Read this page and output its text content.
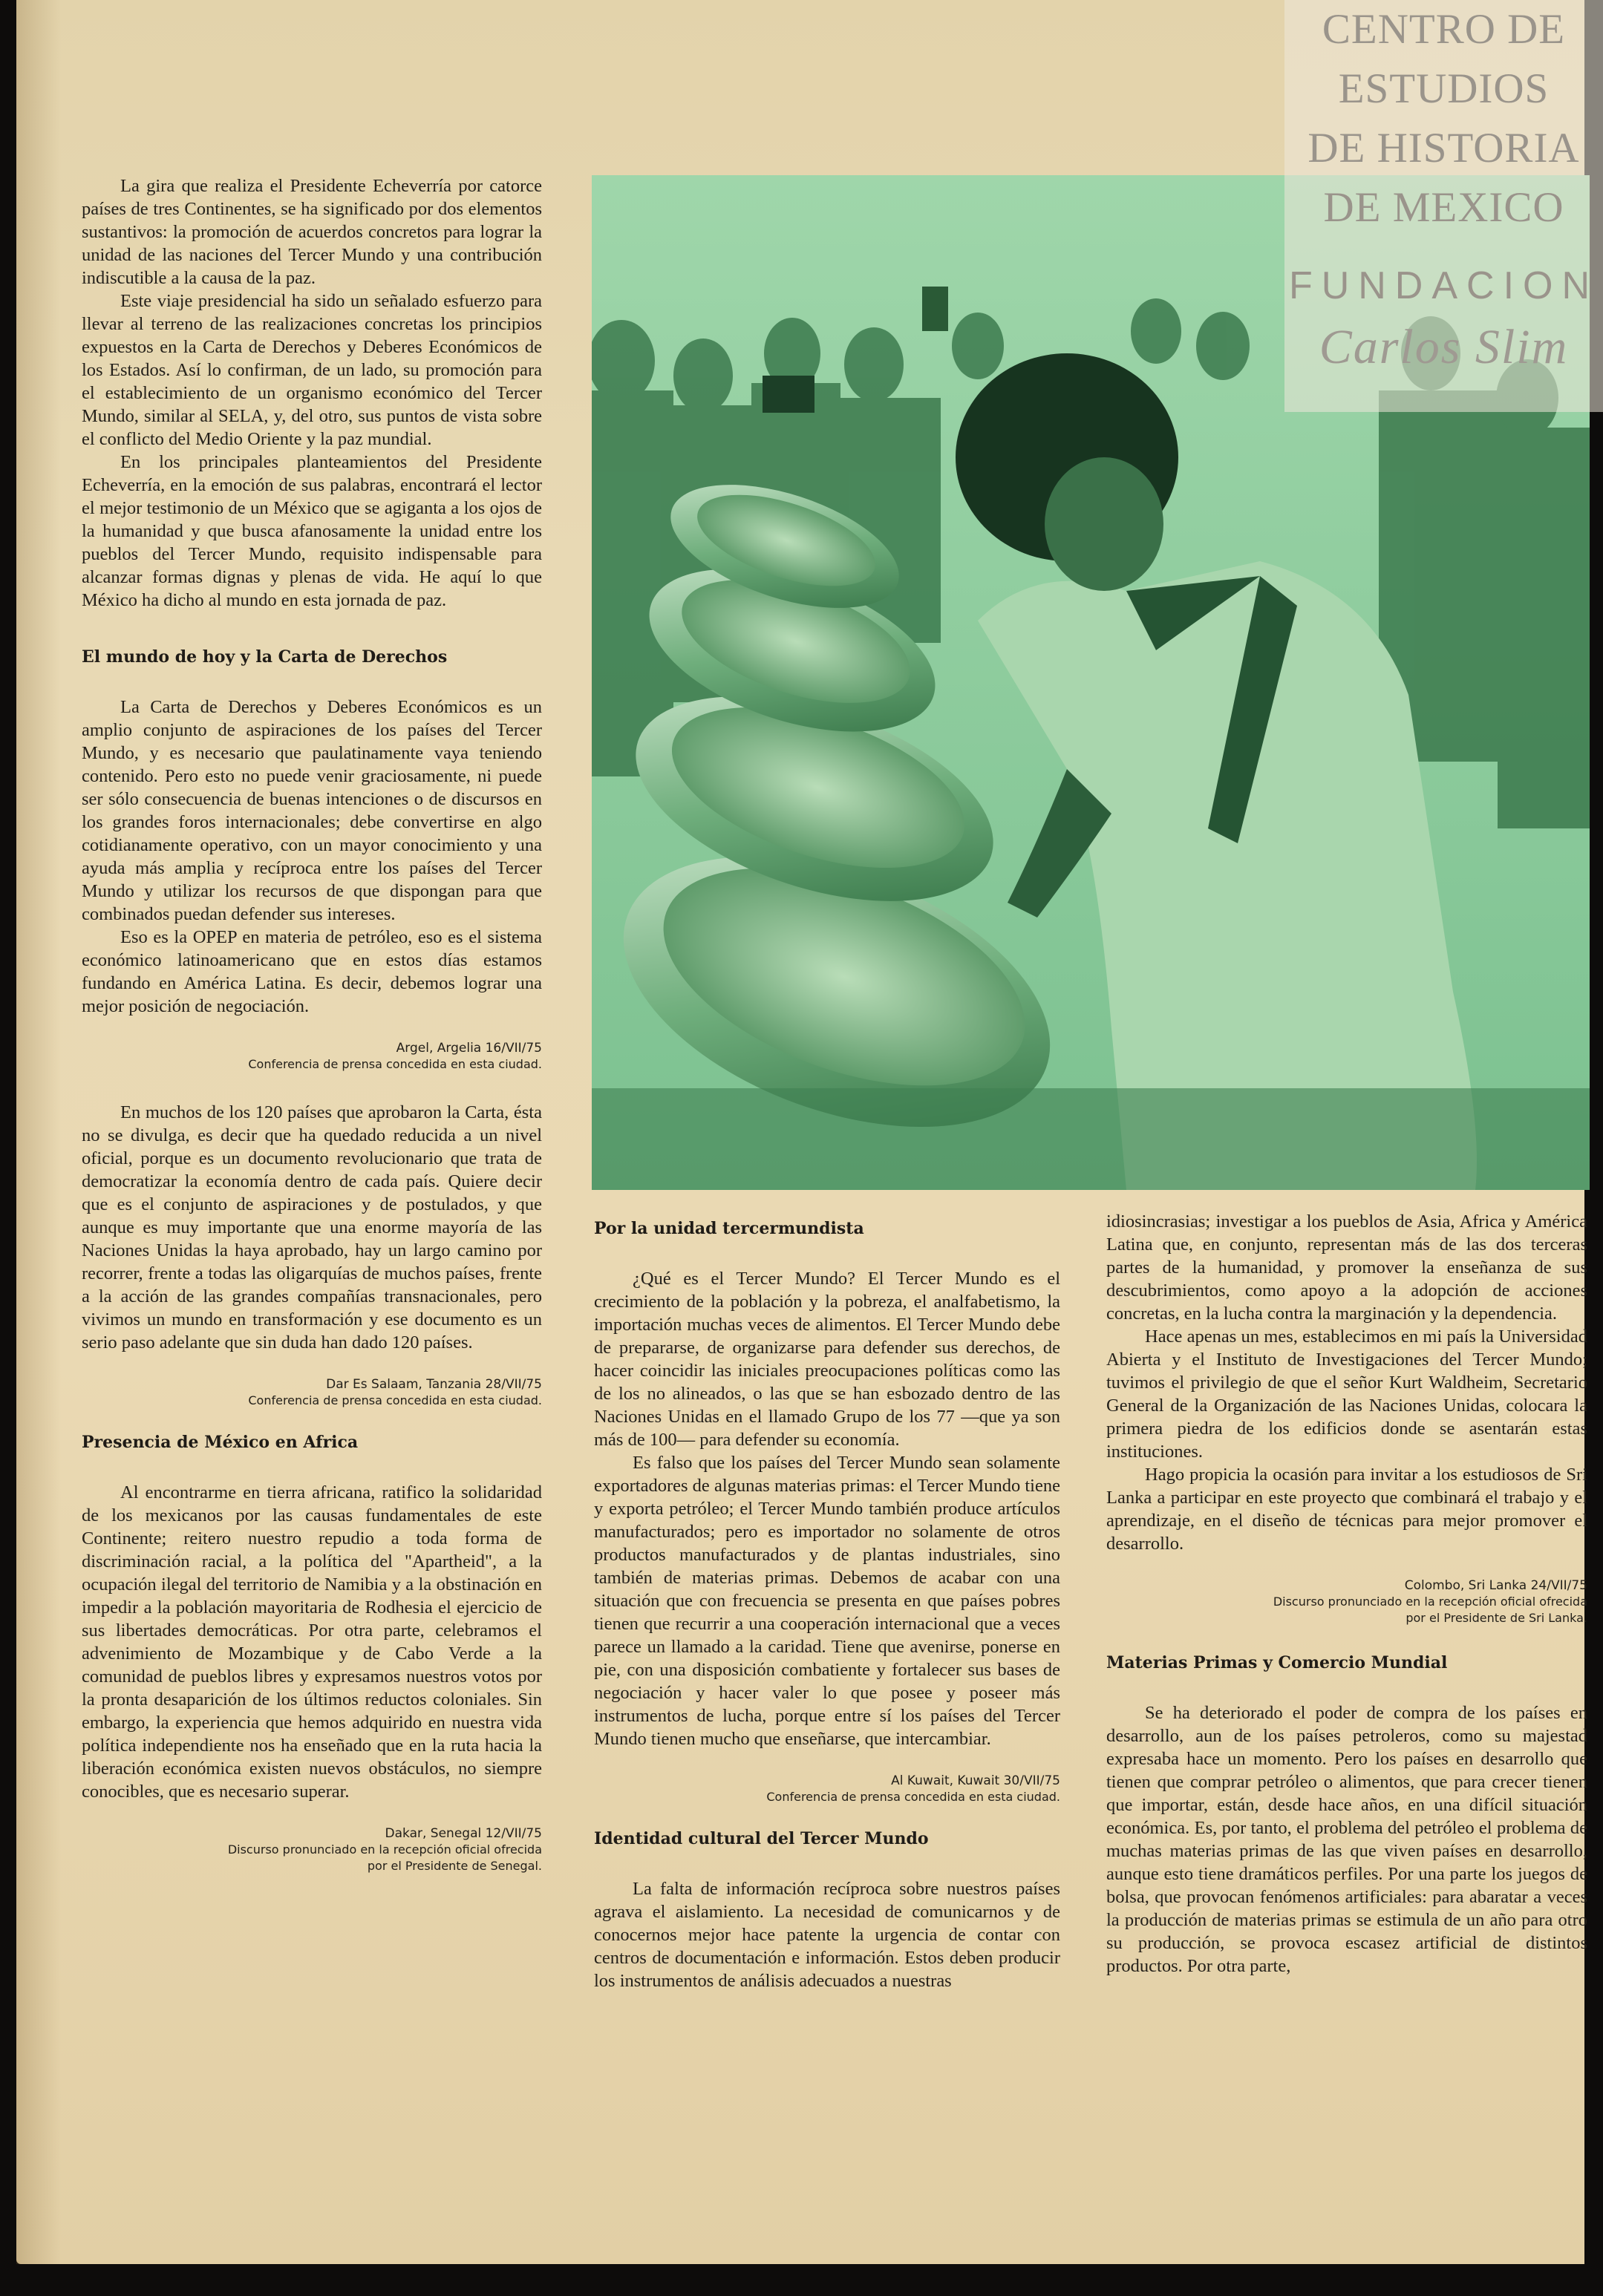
La gira que realiza el Presidente Echeverría por catorce países de tres Continentes, se ha significado por dos elementos sustantivos: la promoción de acuerdos concretos para lograr la unidad de las naciones del Tercer Mundo y una contribución indiscutible a la causa de la paz.

Este viaje presidencial ha sido un señalado esfuerzo para llevar al terreno de las realizaciones concretas los principios expuestos en la Carta de Derechos y Deberes Económicos de los Estados. Así lo confirman, de un lado, su promoción para el establecimiento de un organismo económico del Tercer Mundo, similar al SELA, y, del otro, sus puntos de vista sobre el conflicto del Medio Oriente y la paz mundial.

En los principales planteamientos del Presidente Echeverría, en la emoción de sus palabras, encontrará el lector el mejor testimonio de un México que se agiganta a los ojos de la humanidad y que busca afanosamente la unidad entre los pueblos del Tercer Mundo, requisito indispensable para alcanzar formas dignas y plenas de vida. He aquí lo que México ha dicho al mundo en esta jornada de paz.

El mundo de hoy y la Carta de Derechos

La Carta de Derechos y Deberes Económicos es un amplio conjunto de aspiraciones de los países del Tercer Mundo, y es necesario que paulatinamente vaya teniendo contenido. Pero esto no puede venir graciosamente, ni puede ser sólo consecuencia de buenas intenciones o de discursos en los grandes foros internacionales; debe convertirse en algo cotidianamente operativo, con un mayor conocimiento y una ayuda más amplia y recíproca entre los países del Tercer Mundo y utilizar los recursos de que dispongan para que combinados puedan defender sus intereses.

Eso es la OPEP en materia de petróleo, eso es el sistema económico latinoamericano que en estos días estamos fundando en América Latina. Es decir, debemos lograr una mejor posición de negociación.

Argel, Argelia 16/VII/75
Conferencia de prensa concedida en esta ciudad.

En muchos de los 120 países que aprobaron la Carta, ésta no se divulga, es decir que ha quedado reducida a un nivel oficial, porque es un documento revolucionario que trata de democratizar la economía dentro de cada país. Quiere decir que es el conjunto de aspiraciones y de postulados, y que aunque es muy importante que una enorme mayoría de las Naciones Unidas la haya aprobado, hay un largo camino por recorrer, frente a todas las oligarquías de muchos países, frente a la acción de las grandes compañías transnacionales, pero vivimos un mundo en transformación y ese documento es un serio paso adelante que sin duda han dado 120 países.

Dar Es Salaam, Tanzania 28/VII/75
Conferencia de prensa concedida en esta ciudad.
Presencia de México en Africa

Al encontrarme en tierra africana, ratifico la solidaridad de los mexicanos por las causas fundamentales de este Continente; reitero nuestro repudio a toda forma de discriminación racial, a la política del "Apartheid", a la ocupación ilegal del territorio de Namibia y a la obstinación en impedir a la población mayoritaria de Rodhesia el ejercicio de sus libertades democráticas. Por otra parte, celebramos el advenimiento de Mozambique y de Cabo Verde a la comunidad de pueblos libres y expresamos nuestros votos por la pronta desaparición de los últimos reductos coloniales. Sin embargo, la experiencia que hemos adquirido en nuestra vida política independiente nos ha enseñado que en la ruta hacia la liberación económica existen nuevos obstáculos, no siempre conocibles, que es necesario superar.

Dakar, Senegal 12/VII/75
Discurso pronunciado en la recepción oficial ofrecida
por el Presidente de Senegal.
Por la unidad tercermundista

¿Qué es el Tercer Mundo? El Tercer Mundo es el crecimiento de la población y la pobreza, el analfabetismo, la importación muchas veces de alimentos. El Tercer Mundo debe de prepararse, de organizarse para defender sus derechos, de hacer coincidir las iniciales preocupaciones políticas como las de los no alineados, o las que se han esbozado dentro de las Naciones Unidas en el llamado Grupo de los 77 —que ya son más de 100— para defender su economía.

Es falso que los países del Tercer Mundo sean solamente exportadores de algunas materias primas: el Tercer Mundo tiene y exporta petróleo; el Tercer Mundo también produce artículos manufacturados; pero es importador no solamente de otros productos manufacturados y de plantas industriales, sino también de materias primas. Debemos de acabar con una situación que con frecuencia se presenta en que países pobres tienen que recurrir a una cooperación internacional que a veces parece un llamado a la caridad. Tiene que avenirse, ponerse en pie, con una disposición combatiente y fortalecer sus bases de negociación y hacer valer lo que posee y poseer más instrumentos de lucha, porque entre sí los países del Tercer Mundo tienen mucho que enseñarse, que intercambiar.

Al Kuwait, Kuwait 30/VII/75
Conferencia de prensa concedida en esta ciudad.
Identidad cultural del Tercer Mundo

La falta de información recíproca sobre nuestros países agrava el aislamiento. La necesidad de comunicarnos y de conocernos mejor hace patente la urgencia de contar con centros de documentación e información. Estos deben producir los instrumentos de análisis adecuados a nuestras

idiosincrasias; investigar a los pueblos de Asia, Africa y América Latina que, en conjunto, representan más de las dos terceras partes de la humanidad, y promover la enseñanza de sus descubrimientos, como apoyo a la adopción de acciones concretas, en la lucha contra la marginación y la dependencia.

Hace apenas un mes, establecimos en mi país la Universidad Abierta y el Instituto de Investigaciones del Tercer Mundo; tuvimos el privilegio de que el señor Kurt Waldheim, Secretario General de la Organización de las Naciones Unidas, colocara la primera piedra de los edificios donde se asentarán estas instituciones.

Hago propicia la ocasión para invitar a los estudiosos de Sri Lanka a participar en este proyecto que combinará el trabajo y el aprendizaje, en el diseño de técnicas para mejor promover el desarrollo.

Colombo, Sri Lanka 24/VII/75
Discurso pronunciado en la recepción oficial ofrecida
por el Presidente de Sri Lanka.
Materias Primas y Comercio Mundial

Se ha deteriorado el poder de compra de los países en desarrollo, aun de los países petroleros, como su majestad expresaba hace un momento. Pero los países en desarrollo que tienen que comprar petróleo o alimentos, que para crecer tienen que importar, están, desde hace años, en una difícil situación económica. Es, por tanto, el problema del petróleo el problema de muchas materias primas de las que viven países en desarrollo, aunque esto tiene dramáticos perfiles. Por una parte los juegos de bolsa, que provocan fenómenos artificiales: para abaratar a veces la producción de materias primas se estimula de un año para otro su producción, se provoca escasez artificial de distintos productos. Por otra parte,

CENTRO DE
ESTUDIOS
DE HISTORIA
DE MEXICO
FUNDACION
Carlos Slim
